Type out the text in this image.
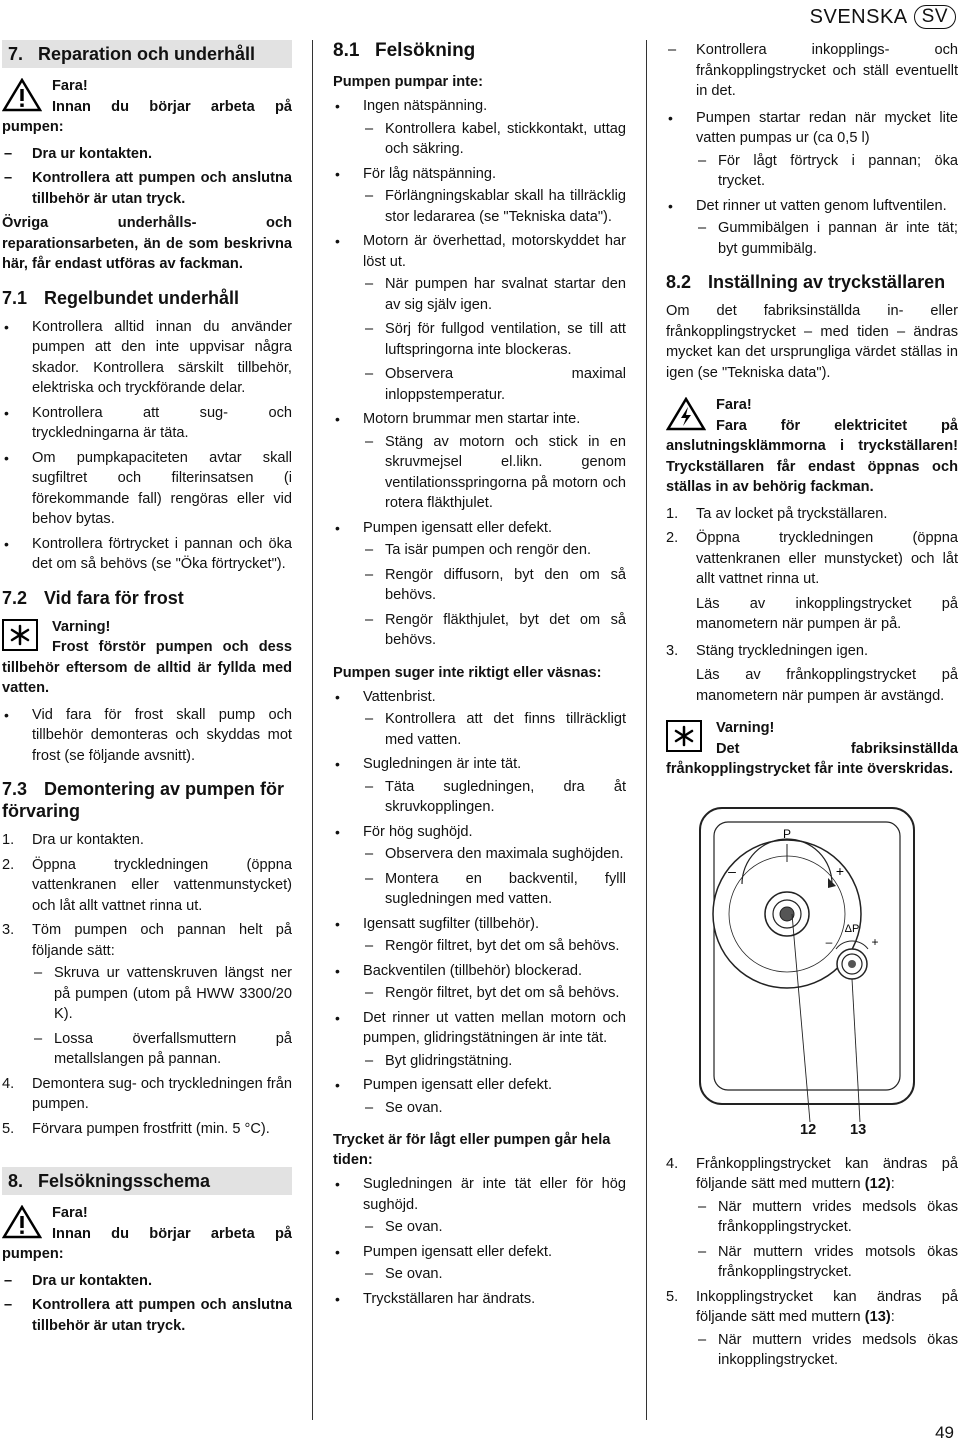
SVENSKA SV
7. Reparation och underhåll
Fara!
Innan du börjar arbeta på pumpen:
– Dra ur kontakten.
– Kontrollera att pumpen och anslutna tillbehör är utan tryck.

Övriga underhålls- och reparationsarbeten, än de som beskrivna här, får endast utföras av fackman.

7.1 Regelbundet underhåll
• Kontrollera alltid innan du använder pumpen att den inte uppvisar några skador. Kontrollera särskilt tillbehör, elektriska och tryckförande delar.
• Kontrollera att sug- och tryckledningarna är täta.
• Om pumpkapaciteten avtar skall sugfiltret och filterinsatsen (i förekommande fall) rengöras eller vid behov bytas.
• Kontrollera förtrycket i pannan och öka det om så behövs (se "Öka förtrycket").
7.2 Vid fara för frost
Varning!
Frost förstör pumpen och dess tillbehör eftersom de alltid är fyllda med vatten.
• Vid fara för frost skall pump och tillbehör demonteras och skyddas mot frost (se följande avsnitt).
7.3 Demontering av pumpen för förvaring
1. Dra ur kontakten.
2. Öppna tryckledningen (öppna vattenkranen eller vattenmunstycket) och låt allt vattnet rinna ut.
3. Töm pumpen och pannan helt på följande sätt:
– Skruva ur vattenskruven längst ner på pumpen (utom på HWW 3300/20 K).
– Lossa överfallsmuttern på metallslangen på pannan.
4. Demontera sug- och tryckledningen från pumpen.
5. Förvara pumpen frostfritt (min. 5 °C).
8. Felsökningsschema
Fara!
Innan du börjar arbeta på pumpen:
– Dra ur kontakten.
– Kontrollera att pumpen och anslutna tillbehör är utan tryck.
8.1 Felsökning
Pumpen pumpar inte:
• Ingen nätspänning.
– Kontrollera kabel, stickkontakt, uttag och säkring.
• För låg nätspänning.
– Förlängningskablar skall ha tillräcklig stor ledararea (se "Tekniska data").
• Motorn är överhettad, motorskyddet har löst ut.
– När pumpen har svalnat startar den av sig själv igen.
– Sörj för fullgod ventilation, se till att luftspringorna inte blockeras.
– Observera maximal inloppstemperatur.
• Motorn brummar men startar inte.
– Stäng av motorn och stick in en skruvmejsel el.likn. genom ventilationsspringorna på motorn och rotera fläkthjulet.
• Pumpen igensatt eller defekt.
– Ta isär pumpen och rengör den.
– Rengör diffusorn, byt den om så behövs.
– Rengör fläkthjulet, byt det om så behövs.
Pumpen suger inte riktigt eller väsnas:
• Vattenbrist.
– Kontrollera att det finns tillräckligt med vatten.
• Sugledningen är inte tät.
– Täta sugledningen, dra åt skruvkopplingen.
• För hög sughöjd.
– Observera den maximala sughöjden.
– Montera en backventil, fylll sugledningen med vatten.
• Igensatt sugfilter (tillbehör).
– Rengör filtret, byt det om så behövs.
• Backventilen (tillbehör) blockerad.
– Rengör filtret, byt det om så behövs.
• Det rinner ut vatten mellan motorn och pumpen, glidringstätningen är inte tät.
– Byt glidringstätning.
• Pumpen igensatt eller defekt.
– Se ovan.
Trycket är för lågt eller pumpen går hela tiden:
• Sugledningen är inte tät eller för hög sughöjd.
– Se ovan.
• Pumpen igensatt eller defekt.
– Se ovan.
• Tryckställaren har ändrats.
– Kontrollera inkopplings- och frånkopplingstrycket och ställ eventuellt in det.
• Pumpen startar redan när mycket lite vatten pumpas ur (ca 0,5 l)
– För lågt förtryck i pannan; öka trycket.
• Det rinner ut vatten genom luftventilen.
– Gummibälgen i pannan är inte tät; byt gummibälg.
8.2 Inställning av tryckställaren

Om det fabriksinställda in- eller frånkopplingstrycket – med tiden – ändras mycket kan det ursprungliga värdet ställas in igen (se "Tekniska data").

Fara!
Fara för elektricitet på anslutningsklämmorna i tryckställaren! Tryckställaren får endast öppnas och ställas in av behörig fackman.
1. Ta av locket på tryckställaren.
2. Öppna tryckledningen (öppna vattenkranen eller munstycket) och låt allt vattnet rinna ut.

Läs av inkopplingstrycket på manometern när pumpen är på.

3. Stäng tryckledningen igen.

Läs av frånkopplingstrycket på manometern när pumpen är avstängd.

Varning!
Det fabriksinställda frånkopplingstrycket får inte överskridas.
P
–	+
ΔP
–	+
12 13
4. Frånkopplingstrycket kan ändras på följande sätt med muttern (12):
– När muttern vrides medsols ökas frånkopplingstrycket.
– När muttern vrides motsols ökas frånkopplingstrycket.
5. Inkopplingstrycket kan ändras på följande sätt med muttern (13):
– När muttern vrides medsols ökas inkopplingstrycket.
49
